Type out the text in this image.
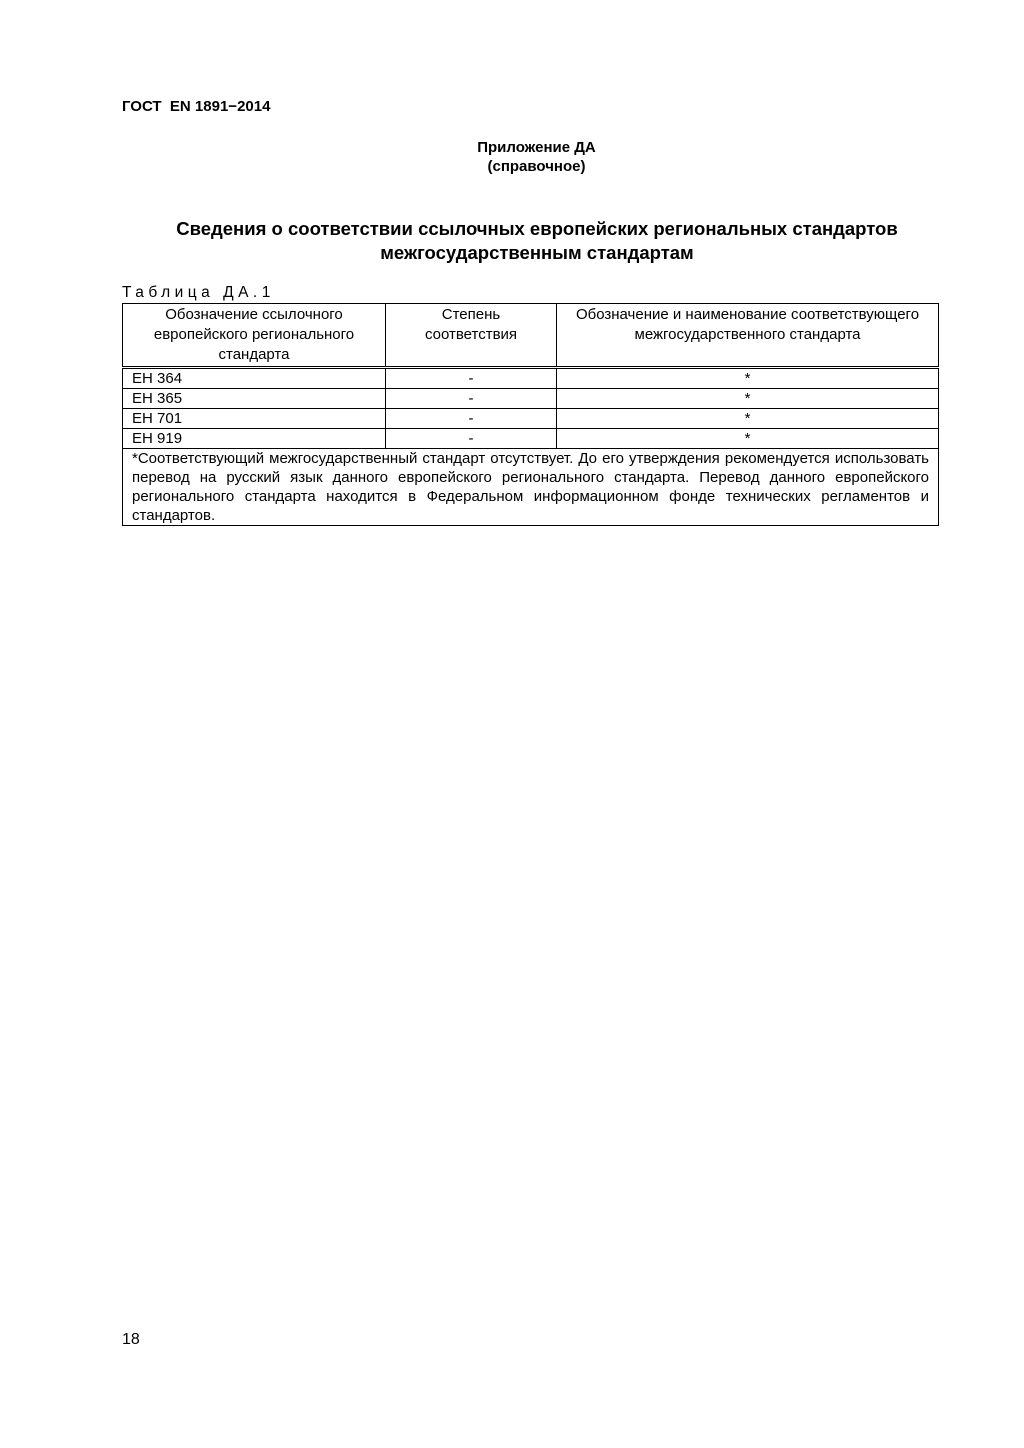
ГОСТ  EN 1891−2014
Приложение ДА
(справочное)
Сведения о соответствии ссылочных европейских региональных стандартов
межгосударственным стандартам
Таблица ДА.1
Обозначение ссылочного европейского регионального стандарта	Степень соответствия	Обозначение и наименование соответствующего межгосударственного стандарта
ЕН 364	-	*
ЕН 365	-	*
ЕН 701	-	*
ЕН 919	-	*
*Соответствующий межгосударственный стандарт отсутствует. До его утверждения рекомендуется использовать перевод на русский язык данного европейского регионального стандарта. Перевод данного европейского регионального стандарта находится в Федеральном информационном фонде технических регламентов и стандартов.		
18
